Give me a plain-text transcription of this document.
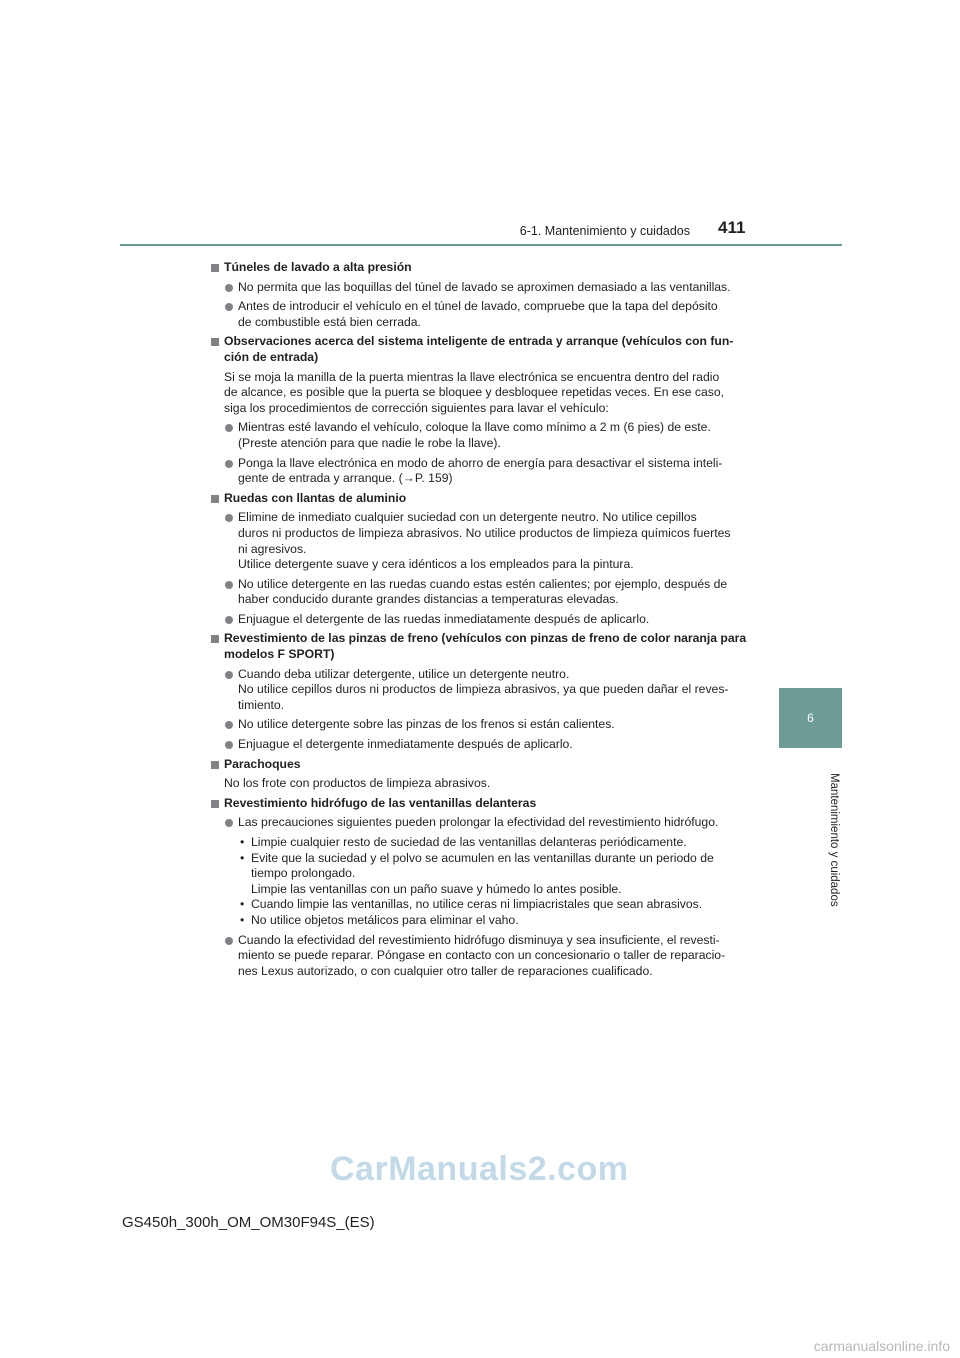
6-1. Mantenimiento y cuidados 411
6
Mantenimiento y cuidados
Túneles de lavado a alta presión
No permita que las boquillas del túnel de lavado se aproximen demasiado a las ventanillas.
Antes de introducir el vehículo en el túnel de lavado, compruebe que la tapa del depósito
de combustible está bien cerrada.
Observaciones acerca del sistema inteligente de entrada y arranque (vehículos con fun-
ción de entrada)
Si se moja la manilla de la puerta mientras la llave electrónica se encuentra dentro del radio
de alcance, es posible que la puerta se bloquee y desbloquee repetidas veces. En ese caso,
siga los procedimientos de corrección siguientes para lavar el vehículo:
Mientras esté lavando el vehículo, coloque la llave como mínimo a 2 m (6 pies) de este.
(Preste atención para que nadie le robe la llave).
Ponga la llave electrónica en modo de ahorro de energía para desactivar el sistema inteli-
gente de entrada y arranque. (→P. 159)
Ruedas con llantas de aluminio
Elimine de inmediato cualquier suciedad con un detergente neutro. No utilice cepillos
duros ni productos de limpieza abrasivos. No utilice productos de limpieza químicos fuertes
ni agresivos.
Utilice detergente suave y cera idénticos a los empleados para la pintura.
No utilice detergente en las ruedas cuando estas estén calientes; por ejemplo, después de
haber conducido durante grandes distancias a temperaturas elevadas.
Enjuague el detergente de las ruedas inmediatamente después de aplicarlo.
Revestimiento de las pinzas de freno (vehículos con pinzas de freno de color naranja para
modelos F SPORT)
Cuando deba utilizar detergente, utilice un detergente neutro.
No utilice cepillos duros ni productos de limpieza abrasivos, ya que pueden dañar el reves-
timiento.
No utilice detergente sobre las pinzas de los frenos si están calientes.
Enjuague el detergente inmediatamente después de aplicarlo.
Parachoques
No los frote con productos de limpieza abrasivos.
Revestimiento hidrófugo de las ventanillas delanteras
Las precauciones siguientes pueden prolongar la efectividad del revestimiento hidrófugo.
• Limpie cualquier resto de suciedad de las ventanillas delanteras periódicamente.
• Evite que la suciedad y el polvo se acumulen en las ventanillas durante un periodo de
tiempo prolongado.
Limpie las ventanillas con un paño suave y húmedo lo antes posible.
• Cuando limpie las ventanillas, no utilice ceras ni limpiacristales que sean abrasivos.
• No utilice objetos metálicos para eliminar el vaho.
Cuando la efectividad del revestimiento hidrófugo disminuya y sea insuficiente, el revesti-
miento se puede reparar. Póngase en contacto con un concesionario o taller de reparacio-
nes Lexus autorizado, o con cualquier otro taller de reparaciones cualificado.
CarManuals2.com
GS450h_300h_OM_OM30F94S_(ES)
carmanualsonline.info
